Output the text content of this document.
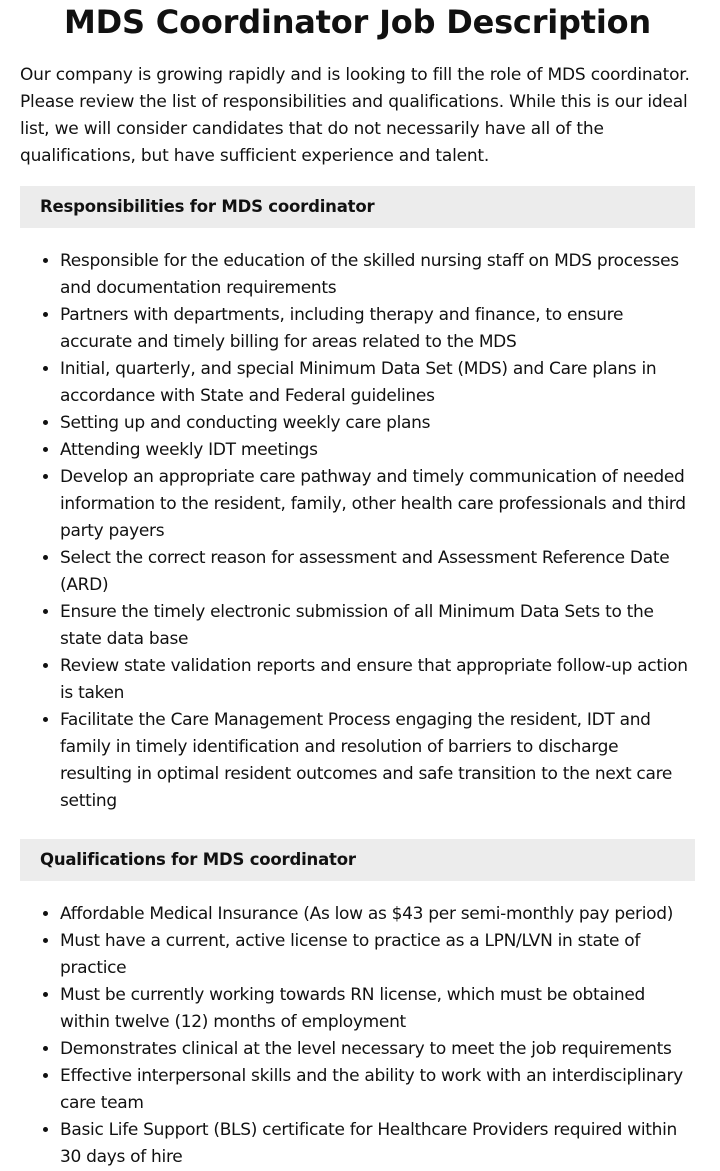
MDS Coordinator Job Description

Our company is growing rapidly and is looking to fill the role of MDS coordinator. Please review the list of responsibilities and qualifications. While this is our ideal list, we will consider candidates that do not necessarily have all of the qualifications, but have sufficient experience and talent.

Responsibilities for MDS coordinator
• Responsible for the education of the skilled nursing staff on MDS processes and documentation requirements
• Partners with departments, including therapy and finance, to ensure accurate and timely billing for areas related to the MDS
• Initial, quarterly, and special Minimum Data Set (MDS) and Care plans in accordance with State and Federal guidelines
• Setting up and conducting weekly care plans
• Attending weekly IDT meetings
• Develop an appropriate care pathway and timely communication of needed information to the resident, family, other health care professionals and third party payers
• Select the correct reason for assessment and Assessment Reference Date (ARD)
• Ensure the timely electronic submission of all Minimum Data Sets to the state data base
• Review state validation reports and ensure that appropriate follow-up action is taken
• Facilitate the Care Management Process engaging the resident, IDT and family in timely identification and resolution of barriers to discharge resulting in optimal resident outcomes and safe transition to the next care setting
Qualifications for MDS coordinator
• Affordable Medical Insurance (As low as $43 per semi-monthly pay period)
• Must have a current, active license to practice as a LPN/LVN in state of practice
• Must be currently working towards RN license, which must be obtained within twelve (12) months of employment
• Demonstrates clinical at the level necessary to meet the job requirements
• Effective interpersonal skills and the ability to work with an interdisciplinary care team
• Basic Life Support (BLS) certificate for Healthcare Providers required within 30 days of hire
